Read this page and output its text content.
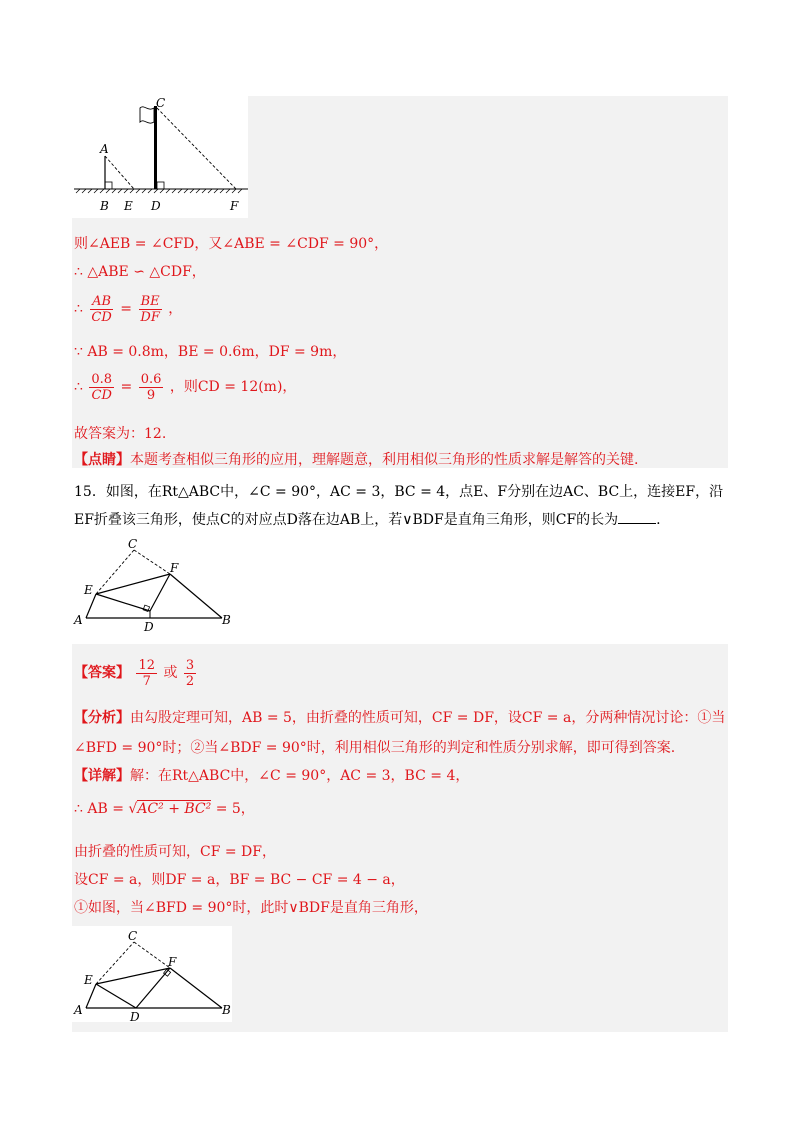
C
A
B E D	F
则∠AEB = ∠CFD，又∠ABE = ∠CDF = 90°，
∴ △ABE ∽ △CDF，
∴ $\frac{AB}{CD} = \frac{BE}{DF}$ ，
∵ AB = 0.8m，BE = 0.6m，DF = 9m，
∴ $\frac{0.8}{CD} = \frac{0.6}{9}$ ，则CD = 12(m)，
故答案为：12.
【点睛】本题考查相似三角形的应用，理解题意，利用相似三角形的性质求解是解答的关键.
15．如图，在Rt△ABC中，∠C = 90°，AC = 3，BC = 4，点E、F分别在边AC、BC上，连接EF，沿
EF折叠该三角形，使点C的对应点D落在边AB上，若∨BDF是直角三角形，则CF的长为	.
C
E
F
A	D	B
【答案】 $\frac{12}{7}$ 或 $\frac{3}{2}$
【分析】由勾股定理可知，AB = 5，由折叠的性质可知，CF = DF，设CF = a，分两种情况讨论：①当
∠BFD = 90°时；②当∠BDF = 90°时，利用相似三角形的判定和性质分别求解，即可得到答案.
【详解】解：在Rt△ABC中，∠C = 90°，AC = 3，BC = 4，
∴ AB = √AC² + BC² = 5，
由折叠的性质可知，CF = DF，
设CF = a，则DF = a，BF = BC − CF = 4 − a，
①如图，当∠BFD = 90°时，此时∨BDF是直角三角形，
C
E
F
A	D	B
